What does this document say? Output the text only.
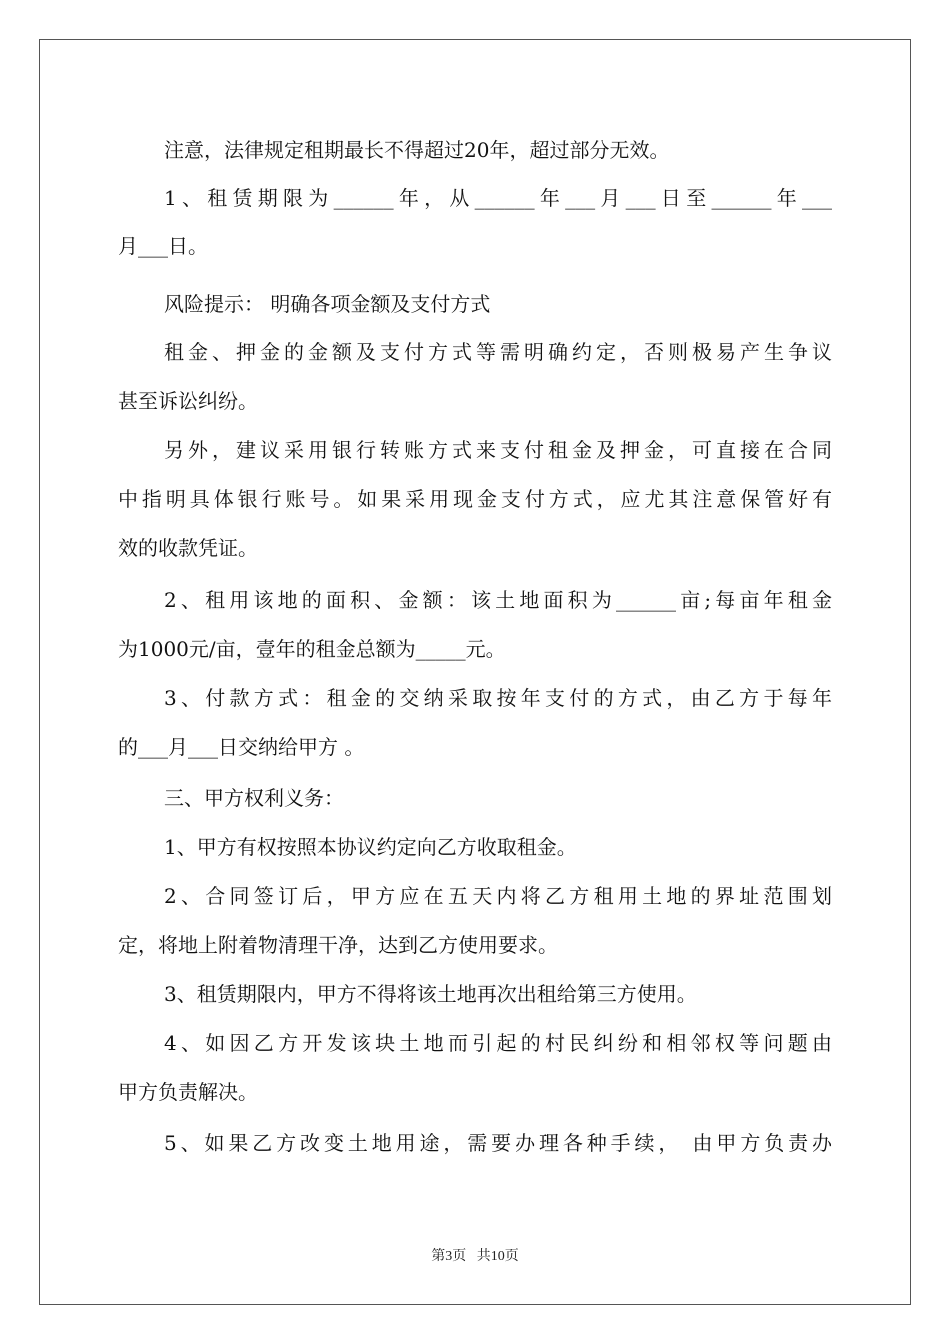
注意，法律规定租期最长不得超过20年，超过部分无效。
1、租赁期限为______年，从______年___月___日至______年___
月___日。
风险提示： 明确各项金额及支付方式
租金、押金的金额及支付方式等需明确约定，否则极易产生争议
甚至诉讼纠纷。
另外，建议采用银行转账方式来支付租金及押金，可直接在合同
中指明具体银行账号。如果采用现金支付方式，应尤其注意保管好有
效的收款凭证。
2、租用该地的面积、金额：该土地面积为______亩;每亩年租金
为1000元/亩，壹年的租金总额为_____元。
3、付款方式：租金的交纳采取按年支付的方式，由乙方于每年
的___月___日交纳给甲方 。
三、甲方权利义务：
1、甲方有权按照本协议约定向乙方收取租金。
2、合同签订后，甲方应在五天内将乙方租用土地的界址范围划
定，将地上附着物清理干净，达到乙方使用要求。
3、租赁期限内，甲方不得将该土地再次出租给第三方使用。
4、如因乙方开发该块土地而引起的村民纠纷和相邻权等问题由
甲方负责解决。
5、如果乙方改变土地用途，需要办理各种手续， 由甲方负责办
第3页 共10页
